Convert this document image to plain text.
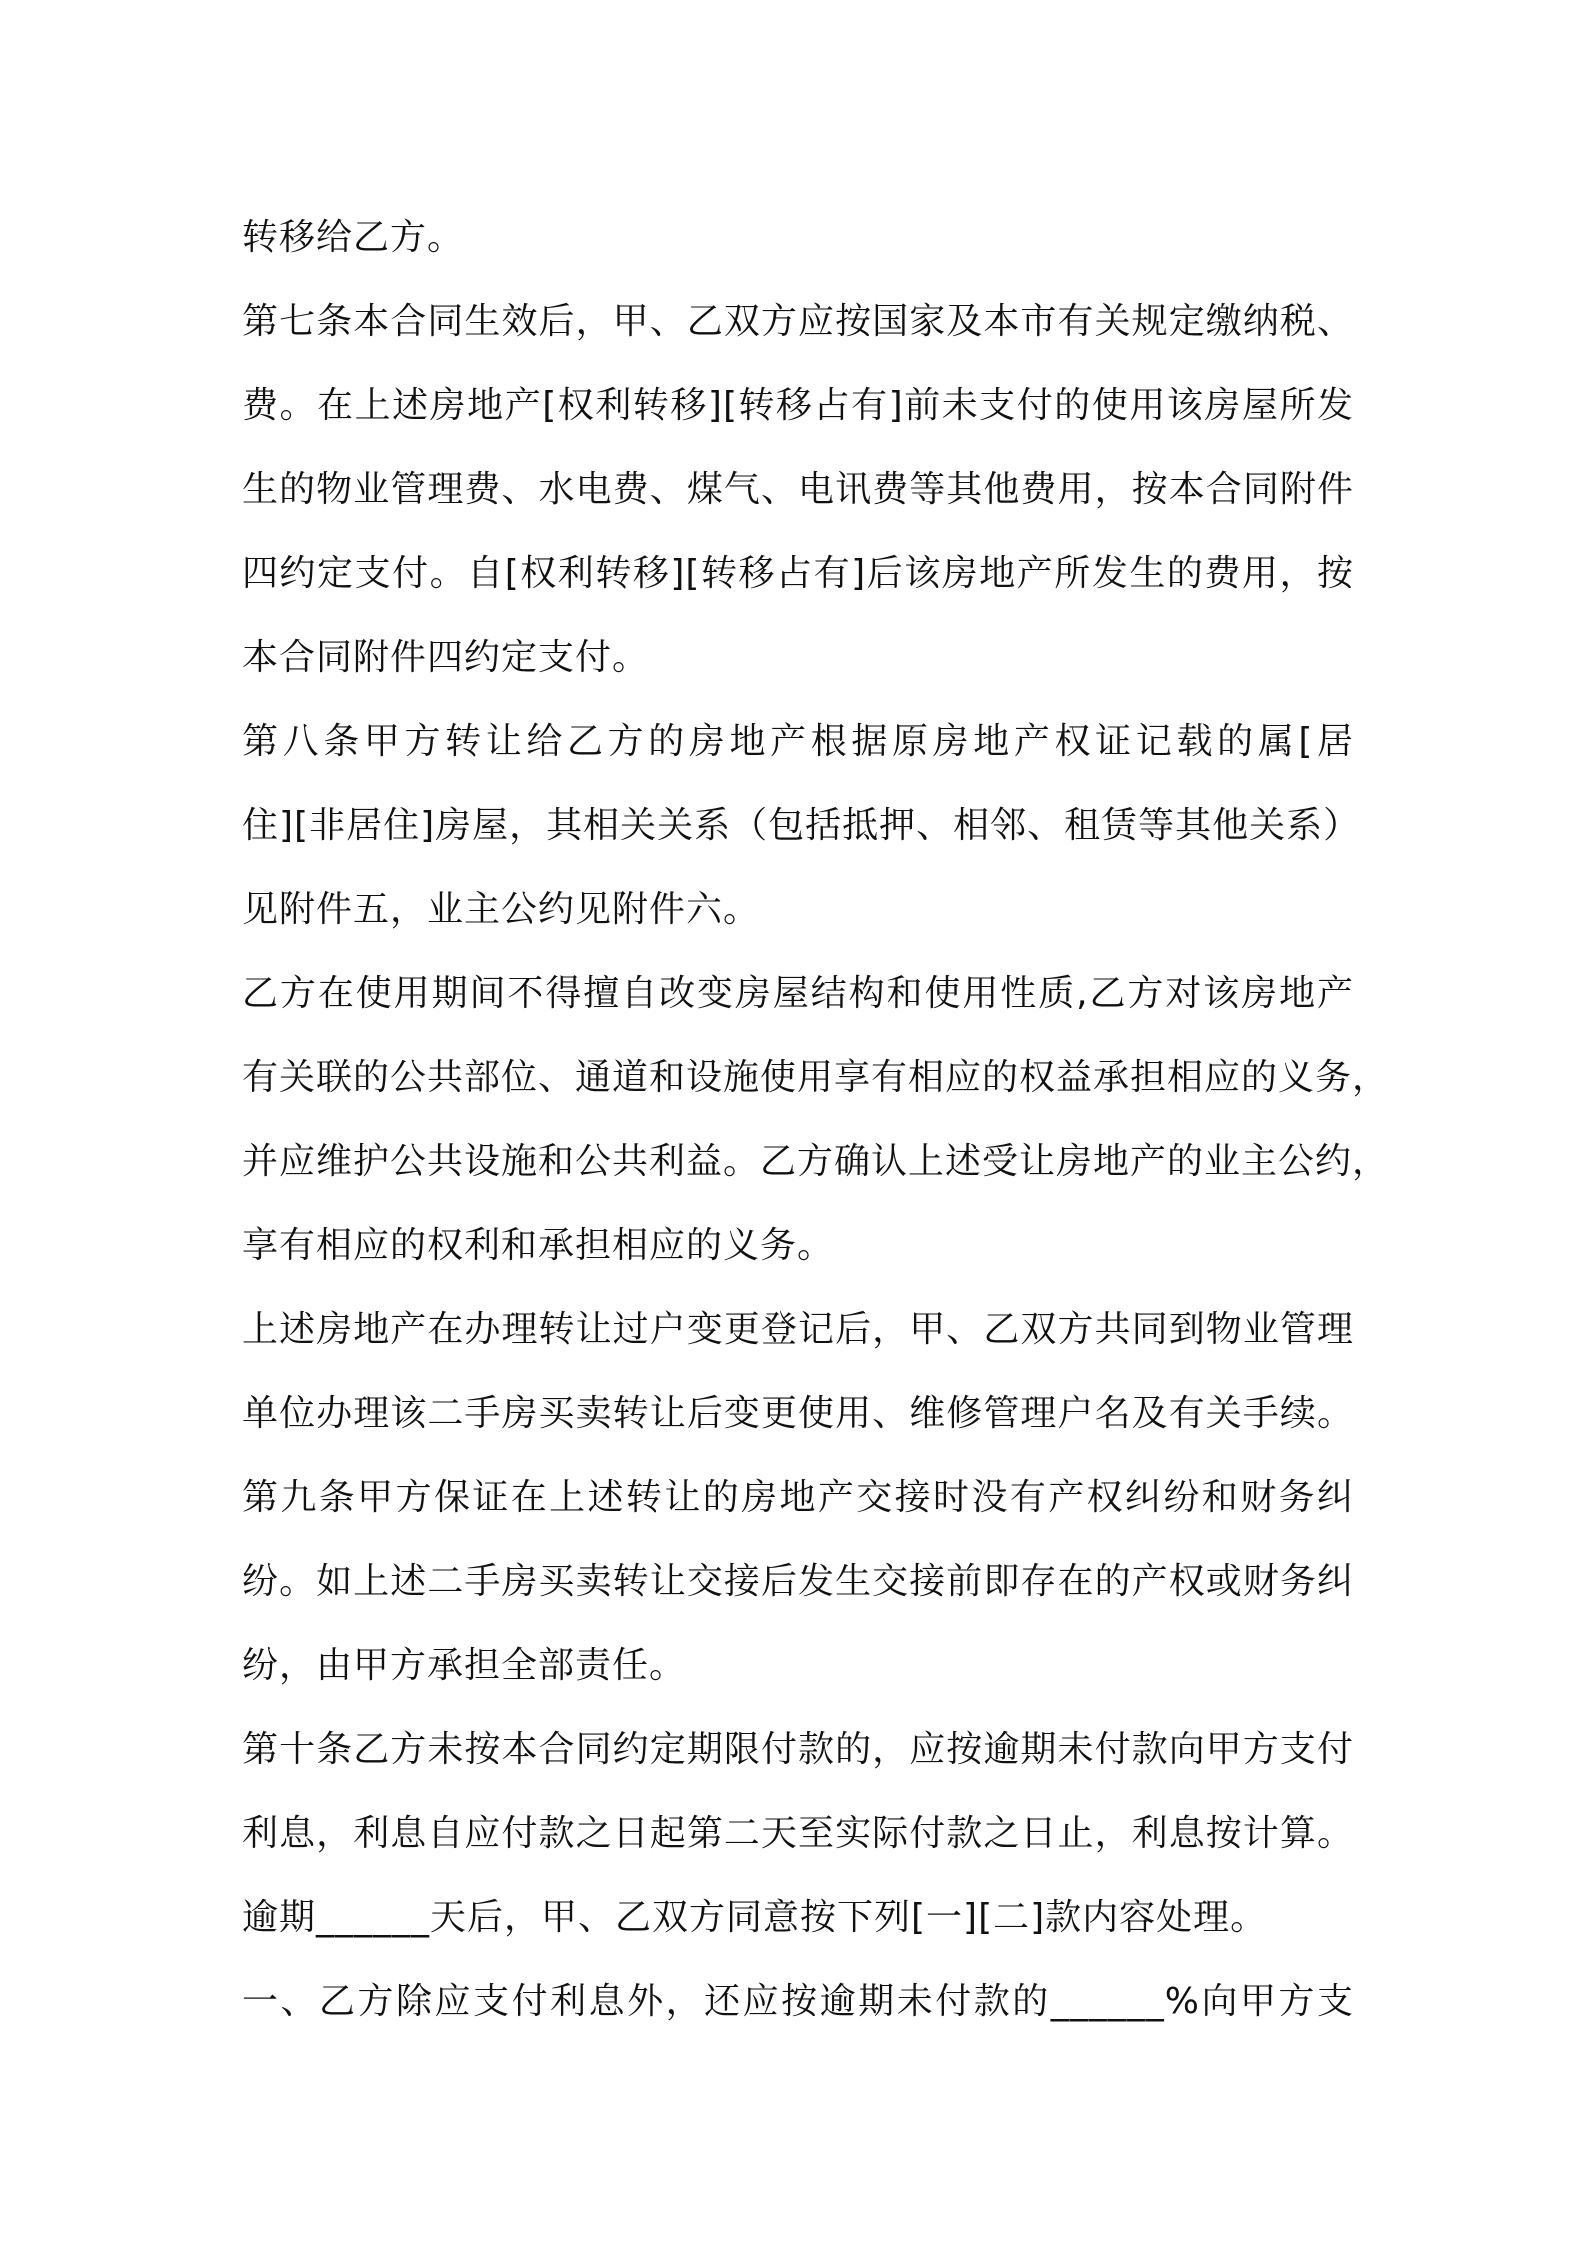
转移给乙方。
第七条本合同生效后，甲、乙双方应按国家及本市有关规定缴纳税、
费。在上述房地产[权利转移][转移占有]前未支付的使用该房屋所发
生的物业管理费、水电费、煤气、电讯费等其他费用，按本合同附件
四约定支付。自[权利转移][转移占有]后该房地产所发生的费用，按
本合同附件四约定支付。
第八条甲方转让给乙方的房地产根据原房地产权证记载的属[居
住][非居住]房屋，其相关关系（包括抵押、相邻、租赁等其他关系）
见附件五，业主公约见附件六。
乙方在使用期间不得擅自改变房屋结构和使用性质,乙方对该房地产
有关联的公共部位、通道和设施使用享有相应的权益承担相应的义务，
并应维护公共设施和公共利益。乙方确认上述受让房地产的业主公约，
享有相应的权利和承担相应的义务。
上述房地产在办理转让过户变更登记后，甲、乙双方共同到物业管理
单位办理该二手房买卖转让后变更使用、维修管理户名及有关手续。
第九条甲方保证在上述转让的房地产交接时没有产权纠纷和财务纠
纷。如上述二手房买卖转让交接后发生交接前即存在的产权或财务纠
纷，由甲方承担全部责任。
第十条乙方未按本合同约定期限付款的，应按逾期未付款向甲方支付
利息，利息自应付款之日起第二天至实际付款之日止，利息按计算。
逾期______天后，甲、乙双方同意按下列[一][二]款内容处理。
一、乙方除应支付利息外，还应按逾期未付款的______%向甲方支
